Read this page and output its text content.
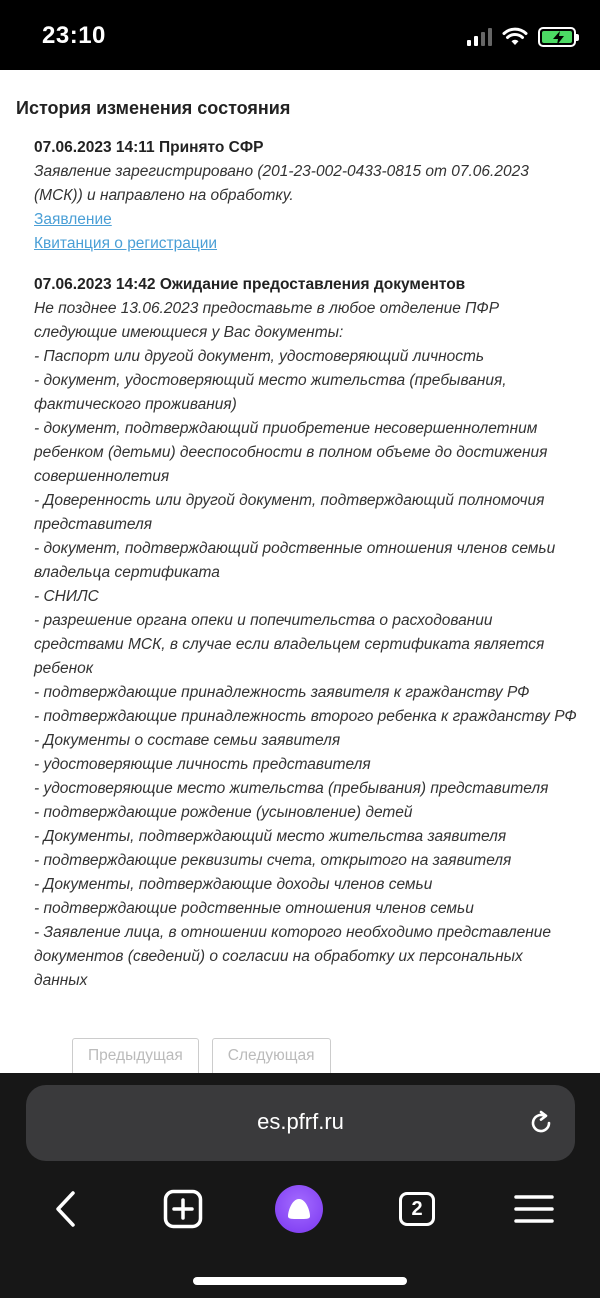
23:10
История изменения состояния
07.06.2023 14:11 Принято СФР
Заявление зарегистрировано (201-23-002-0433-0815 от 07.06.2023
(МСК)) и направлено на обработку.
Заявление
Квитанция о регистрации
07.06.2023 14:42 Ожидание предоставления документов
Не позднее 13.06.2023 предоставьте в любое отделение ПФР
следующие имеющиеся у Вас документы:
- Паспорт или другой документ, удостоверяющий личность
- документ, удостоверяющий место жительства (пребывания,
фактического проживания)
- документ, подтверждающий приобретение несовершеннолетним
ребенком (детьми) дееспособности в полном объеме до достижения
совершеннолетия
- Доверенность или другой документ, подтверждающий полномочия
представителя
- документ, подтверждающий родственные отношения членов семьи
владельца сертификата
- СНИЛС
- разрешение органа опеки и попечительства о расходовании
средствами МСК, в случае если владельцем сертификата является
ребенок
- подтверждающие принадлежность заявителя к гражданству РФ
- подтверждающие принадлежность второго ребенка к гражданству РФ
- Документы о составе семьи заявителя
- удостоверяющие личность представителя
- удостоверяющие место жительства (пребывания) представителя
- подтверждающие рождение (усыновление) детей
- Документы, подтверждающий место жительства заявителя
- подтверждающие реквизиты счета, открытого на заявителя
- Документы, подтверждающие доходы членов семьи
- подтверждающие родственные отношения членов семьи
- Заявление лица, в отношении которого необходимо представление
документов (сведений) о согласии на обработку их персональных
данных
Предыдущая	Следующая
es.pfrf.ru
2
